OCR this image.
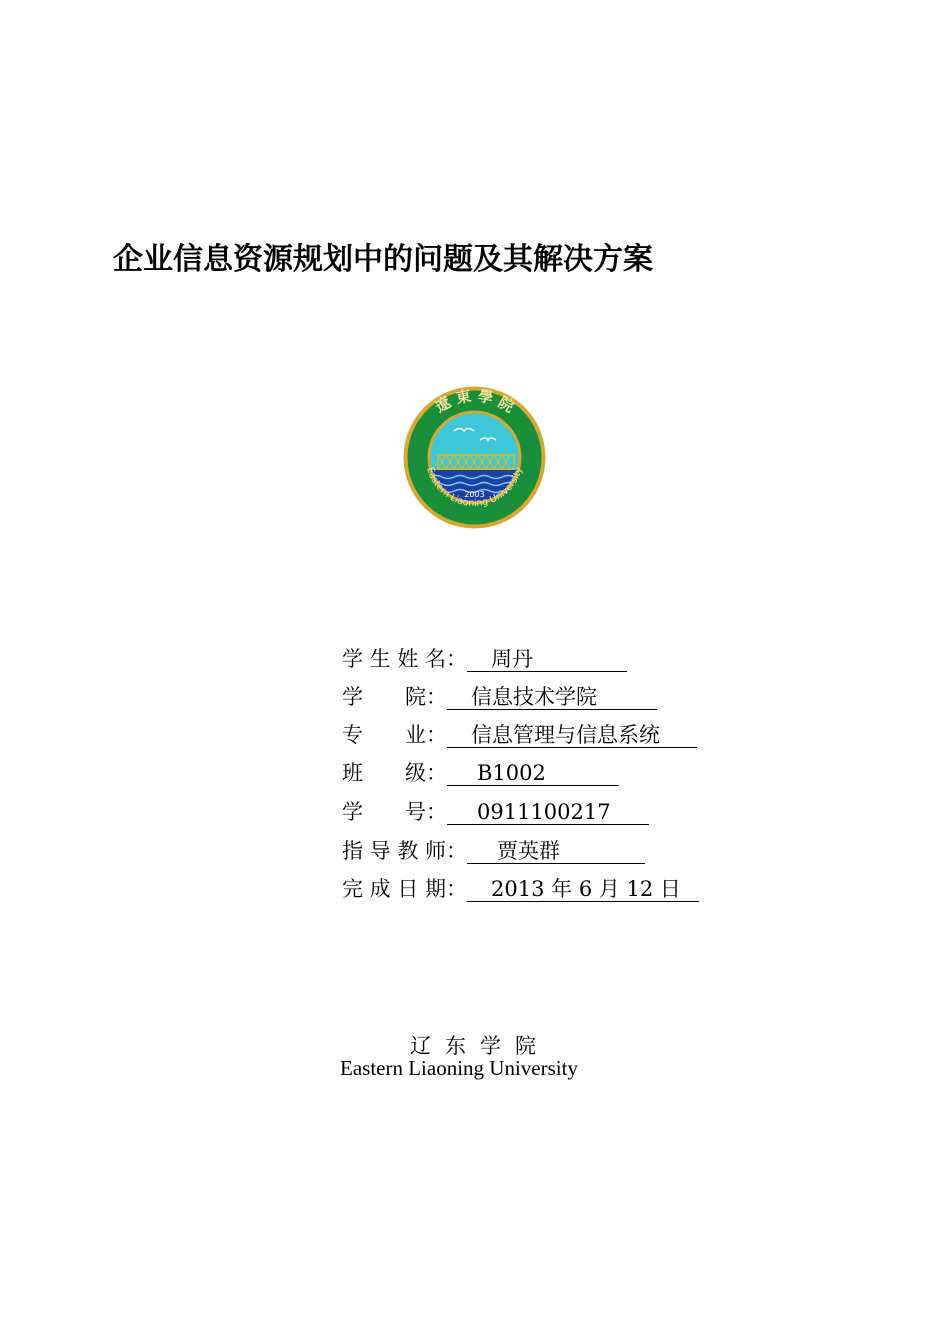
企业信息资源规划中的问题及其解决方案
遼 東 學 院
Eastern Liaoning University
2003
学 生 姓 名： 周丹
学　　院： 信息技术学院
专　　业： 信息管理与信息系统
班　　级： B1002
学　　号： 0911100217
指 导 教 师： 贾英群
完 成 日 期： 2013 年 6 月 12 日
辽东学院
Eastern Liaoning University
